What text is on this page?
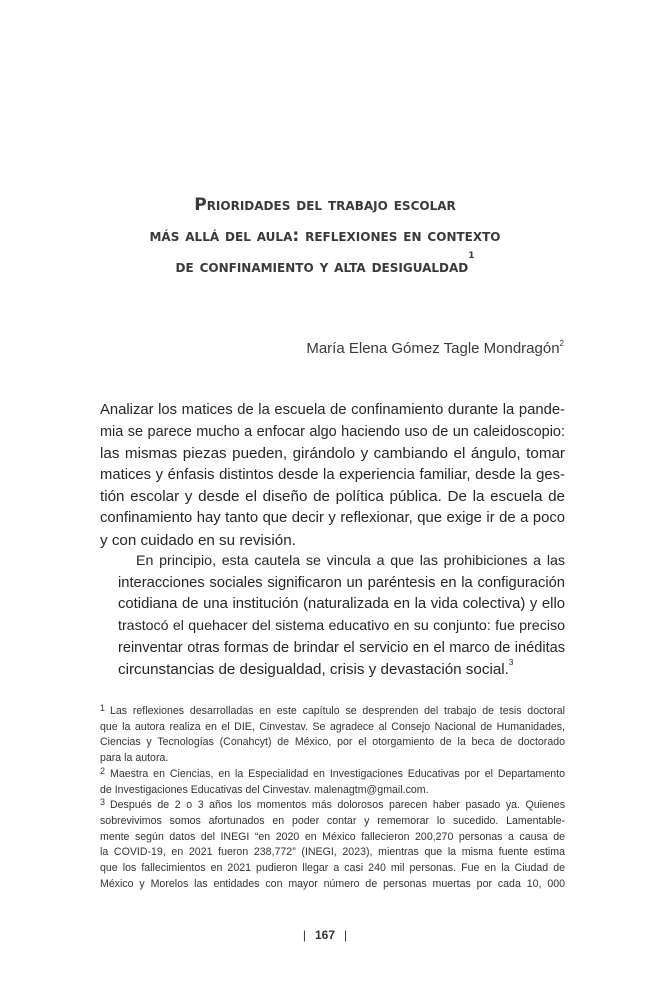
Prioridades del trabajo escolar
más allá del aula: reflexiones en contexto
de confinamiento y alta desigualdad$^1$
María Elena Gómez Tagle Mondragón$^2$

Analizar los matices de la escuela de confinamiento durante la pande-
mia se parece mucho a enfocar algo haciendo uso de un caleidoscopio:
las mismas piezas pueden, girándolo y cambiando el ángulo, tomar
matices y énfasis distintos desde la experiencia familiar, desde la ges-
tión escolar y desde el diseño de política pública. De la escuela de
confinamiento hay tanto que decir y reflexionar, que exige ir de a poco
y con cuidado en su revisión.

En principio, esta cautela se vincula a que las prohibiciones a las
interacciones sociales significaron un paréntesis en la configuración
cotidiana de una institución (naturalizada en la vida colectiva) y ello
trastocó el quehacer del sistema educativo en su conjunto: fue preciso
reinventar otras formas de brindar el servicio en el marco de inéditas
circunstancias de desigualdad, crisis y devastación social.$^3$

$^1$ Las reflexiones desarrolladas en este capítulo se desprenden del trabajo de tesis doctoral
que la autora realiza en el DIE, Cinvestav. Se agradece al Consejo Nacional de Humanidades,
Ciencias y Tecnologías (Conahcyt) de México, por el otorgamiento de la beca de doctorado
para la autora.
$^2$ Maestra en Ciencias, en la Especialidad en Investigaciones Educativas por el Departamento
de Investigaciones Educativas del Cinvestav. malenagtm@gmail.com.
$^3$ Después de 2 o 3 años los momentos más dolorosos parecen haber pasado ya. Quienes
sobrevivimos somos afortunados en poder contar y rememorar lo sucedido. Lamentable-
mente según datos del INEGI “en 2020 en México fallecieron 200,270 personas a causa de
la COVID-19, en 2021 fueron 238,772” (INEGI, 2023), mientras que la misma fuente estima
que los fallecimientos en 2021 pudieron llegar a casi 240 mil personas. Fue en la Ciudad de
México y Morelos las entidades con mayor número de personas muertas por cada 10, 000
| 167 |
